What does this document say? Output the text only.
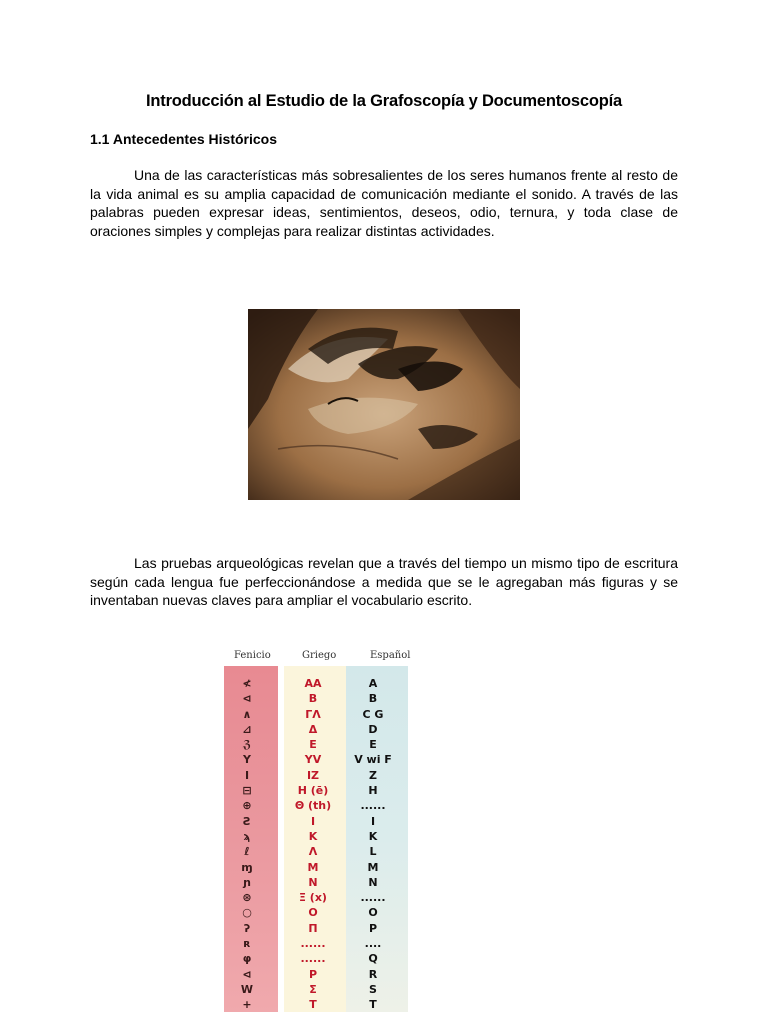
Introducción al Estudio de la Grafoscopía y Documentoscopía
1.1 Antecedentes Históricos

Una de las características más sobresalientes de los seres humanos frente al resto de la vida animal es su amplia capacidad de comunicación mediante el sonido. A través de las palabras pueden expresar ideas, sentimientos, deseos, odio, ternura, y toda clase de oraciones simples y complejas para realizar distintas actividades.

Las pruebas arqueológicas revelan que a través del tiempo un mismo tipo de escritura según cada lengua fue perfeccionándose a medida que se le agregaban más figuras y se inventaban nuevas claves para ampliar el vocabulario escrito.

Fenicio	Griego	Español
≮
⊲
∧
⊿
ℨ
Y
I
⊟
⊕
Ƨ
ϡ
ℓ
ɱ
ɲ
⊛
○
ʔ
ʀ
φ
⊲
W
+
ΑΑ
Β
ΓΛ
Δ
Ε
ΥV
ΙΖ
Η (ē)
Θ (th)
Ι
Κ
Λ
Μ
Ν
Ξ (x)
Ο
Π
......
......
Ρ
Σ
Τ
A
B
C G
D
E
V wi F
Z
H
......
I
K
L
M
N
......
O
P
....
Q
R
S
T
